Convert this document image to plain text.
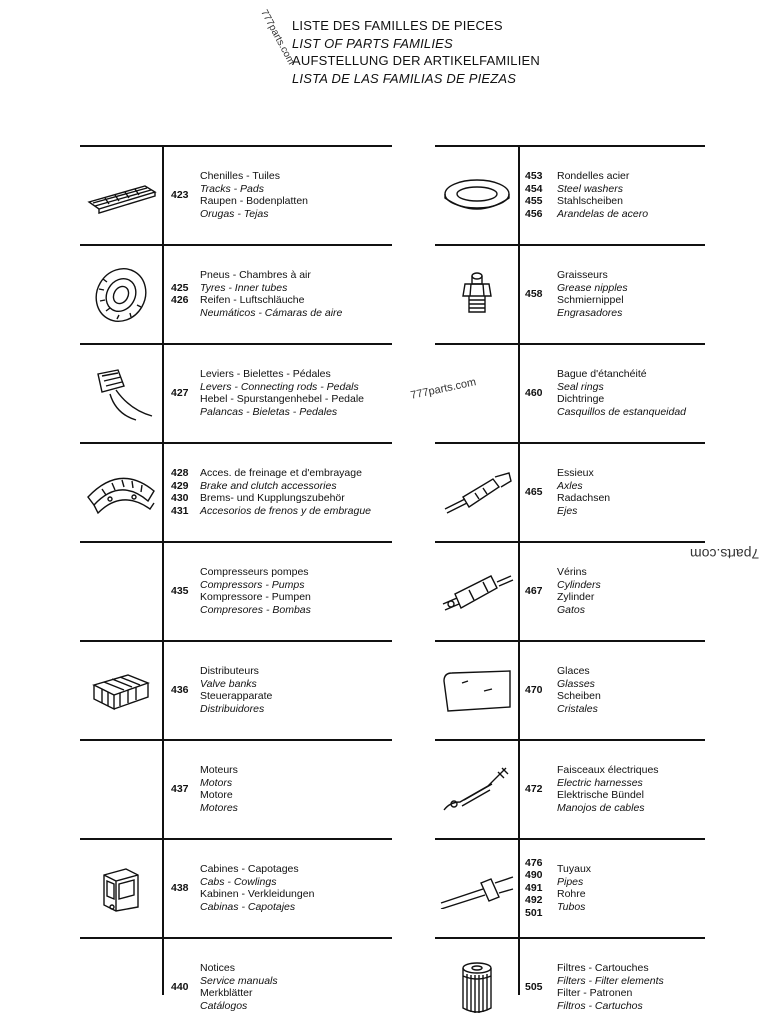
LISTE DES FAMILLES DE PIECES
LIST OF PARTS FAMILIES
AUFSTELLUNG DER ARTIKELFAMILIEN
LISTA DE LAS FAMILIAS DE PIEZAS
777parts.com
777parts.com
7parts.com
423
Chenilles - Tuiles
Tracks - Pads
Raupen - Bodenplatten
Orugas - Tejas
425
426
Pneus - Chambres à air
Tyres - Inner tubes
Reifen - Luftschläuche
Neumáticos - Cámaras de aire
427
Leviers - Bielettes - Pédales
Levers - Connecting rods - Pedals
Hebel - Spurstangenhebel - Pedale
Palancas - Bieletas - Pedales
428
429
430
431
Acces. de freinage et d'embrayage
Brake and clutch accessories
Brems- und Kupplungszubehör
Accesorios de frenos y de embrague
435
Compresseurs pompes
Compressors - Pumps
Kompressore - Pumpen
Compresores - Bombas
436
Distributeurs
Valve banks
Steuerapparate
Distribuidores
437
Moteurs
Motors
Motore
Motores
438
Cabines - Capotages
Cabs - Cowlings
Kabinen - Verkleidungen
Cabinas - Capotajes
440
Notices
Service manuals
Merkblätter
Catálogos
453
454
455
456
Rondelles acier
Steel washers
Stahlscheiben
Arandelas de acero
458
Graisseurs
Grease nipples
Schmiernippel
Engrasadores
460
Bague d'étanchéité
Seal rings
Dichtringe
Casquillos de estanqueidad
465
Essieux
Axles
Radachsen
Ejes
467
Vérins
Cylinders
Zylinder
Gatos
470
Glaces
Glasses
Scheiben
Cristales
472
Faisceaux électriques
Electric harnesses
Elektrische Bündel
Manojos de cables
476
490
491
492
501
Tuyaux
Pipes
Rohre
Tubos
505
Filtres - Cartouches
Filters - Filter elements
Filter - Patronen
Filtros - Cartuchos
